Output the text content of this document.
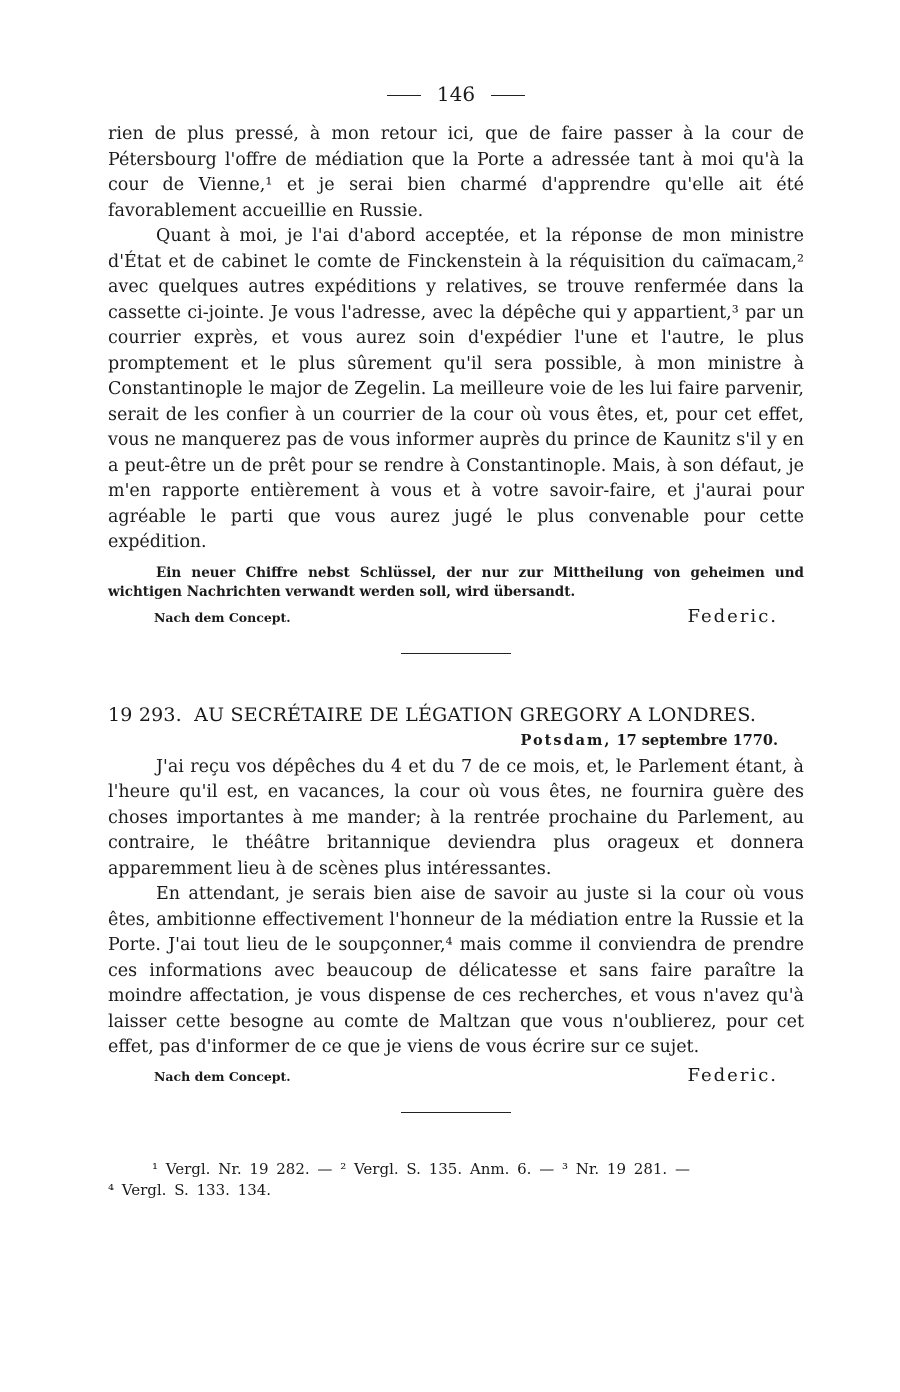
146

rien de plus pressé, à mon retour ici, que de faire passer à la cour de Pétersbourg l'offre de médiation que la Porte a adressée tant à moi qu'à la cour de Vienne,¹ et je serai bien charmé d'apprendre qu'elle ait été favorablement accueillie en Russie.

Quant à moi, je l'ai d'abord acceptée, et la réponse de mon ministre d'État et de cabinet le comte de Finckenstein à la réquisition du caïmacam,² avec quelques autres expéditions y relatives, se trouve renfermée dans la cassette ci-jointe. Je vous l'adresse, avec la dépêche qui y appartient,³ par un courrier exprès, et vous aurez soin d'expédier l'une et l'autre, le plus promptement et le plus sûrement qu'il sera possible, à mon ministre à Constantinople le major de Zegelin. La meilleure voie de les lui faire parvenir, serait de les confier à un courrier de la cour où vous êtes, et, pour cet effet, vous ne manquerez pas de vous informer auprès du prince de Kaunitz s'il y en a peut-être un de prêt pour se rendre à Constantinople. Mais, à son défaut, je m'en rapporte entièrement à vous et à votre savoir-faire, et j'aurai pour agréable le parti que vous aurez jugé le plus convenable pour cette expédition.

Ein neuer Chiffre nebst Schlüssel, der nur zur Mittheilung von geheimen und wichtigen Nachrichten verwandt werden soll, wird übersandt.

Nach dem Concept.	Federic.
19 293. AU SECRÉTAIRE DE LÉGATION GREGORY A LONDRES.
Potsdam, 17 septembre 1770.

J'ai reçu vos dépêches du 4 et du 7 de ce mois, et, le Parlement étant, à l'heure qu'il est, en vacances, la cour où vous êtes, ne fournira guère des choses importantes à me mander; à la rentrée prochaine du Parlement, au contraire, le théâtre britannique deviendra plus orageux et donnera apparemment lieu à de scènes plus intéressantes.

En attendant, je serais bien aise de savoir au juste si la cour où vous êtes, ambitionne effectivement l'honneur de la médiation entre la Russie et la Porte. J'ai tout lieu de le soupçonner,⁴ mais comme il conviendra de prendre ces informations avec beaucoup de délicatesse et sans faire paraître la moindre affectation, je vous dispense de ces recherches, et vous n'avez qu'à laisser cette besogne au comte de Maltzan que vous n'oublierez, pour cet effet, pas d'informer de ce que je viens de vous écrire sur ce sujet.

Nach dem Concept.	Federic.
¹ Vergl. Nr. 19 282. — ² Vergl. S. 135. Anm. 6. — ³ Nr. 19 281. —
⁴ Vergl. S. 133. 134.
